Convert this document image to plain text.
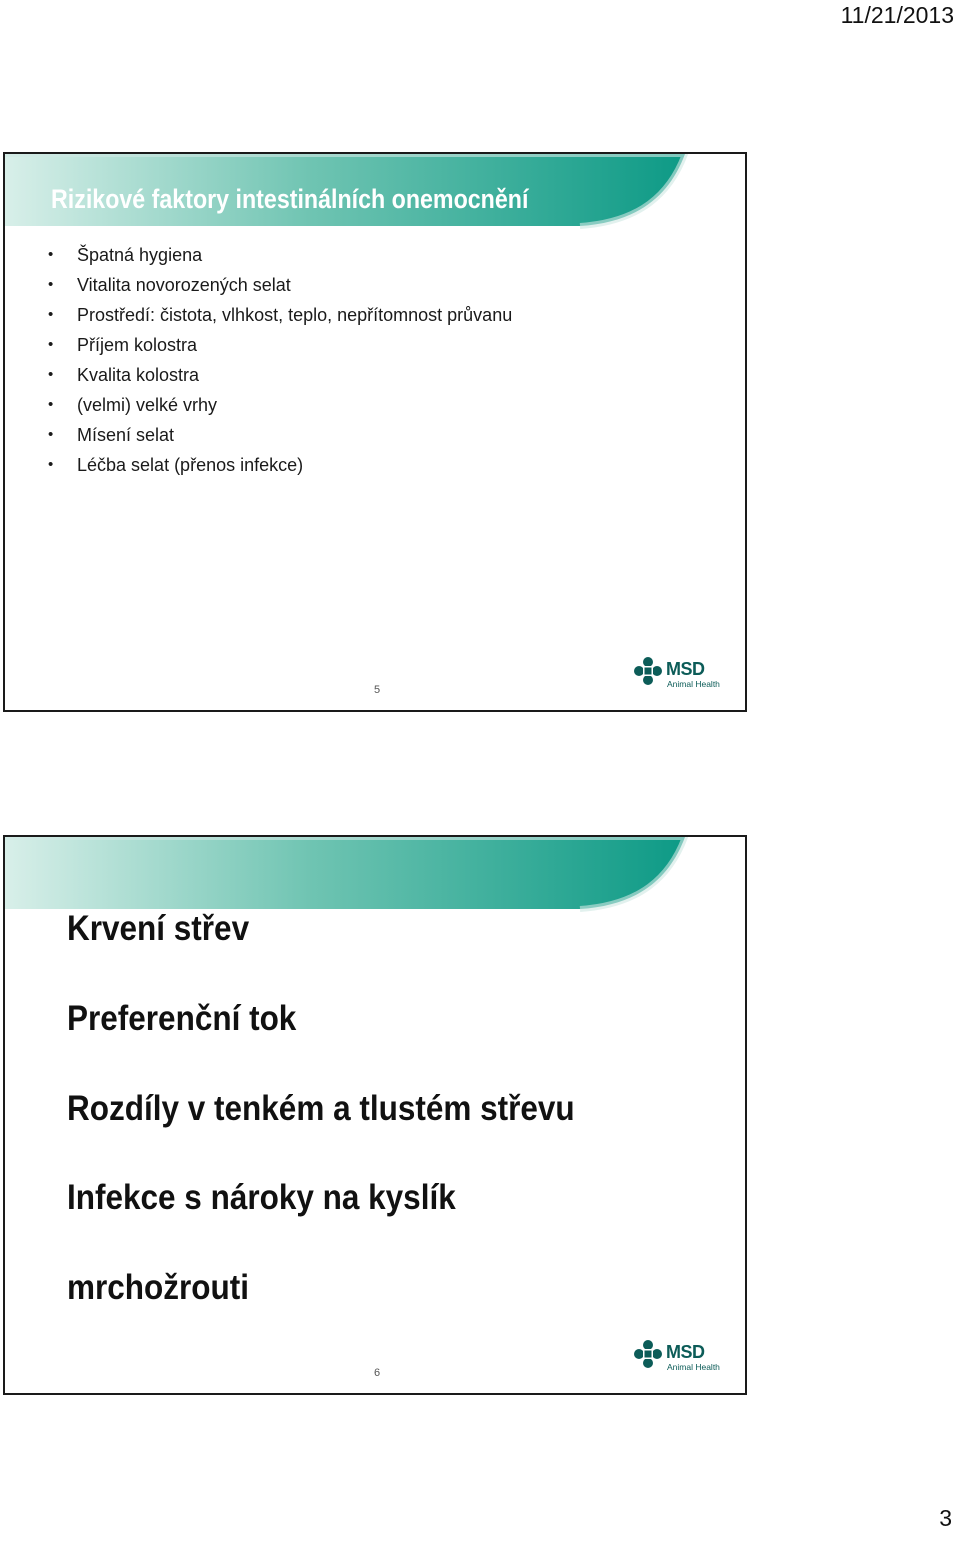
11/21/2013
Rizikové faktory intestinálních onemocnění
• Špatná hygiena
• Vitalita novorozených selat
• Prostředí: čistota, vlhkost, teplo, nepřítomnost průvanu
• Příjem kolostra
• Kvalita kolostra
• (velmi) velké vrhy
• Mísení selat
• Léčba selat (přenos infekce)
5
MSD
Animal Health
Krvení střev
Preferenční tok
Rozdíly v tenkém a tlustém střevu
Infekce s nároky na kyslík
mrchožrouti
6
MSD
Animal Health
3
